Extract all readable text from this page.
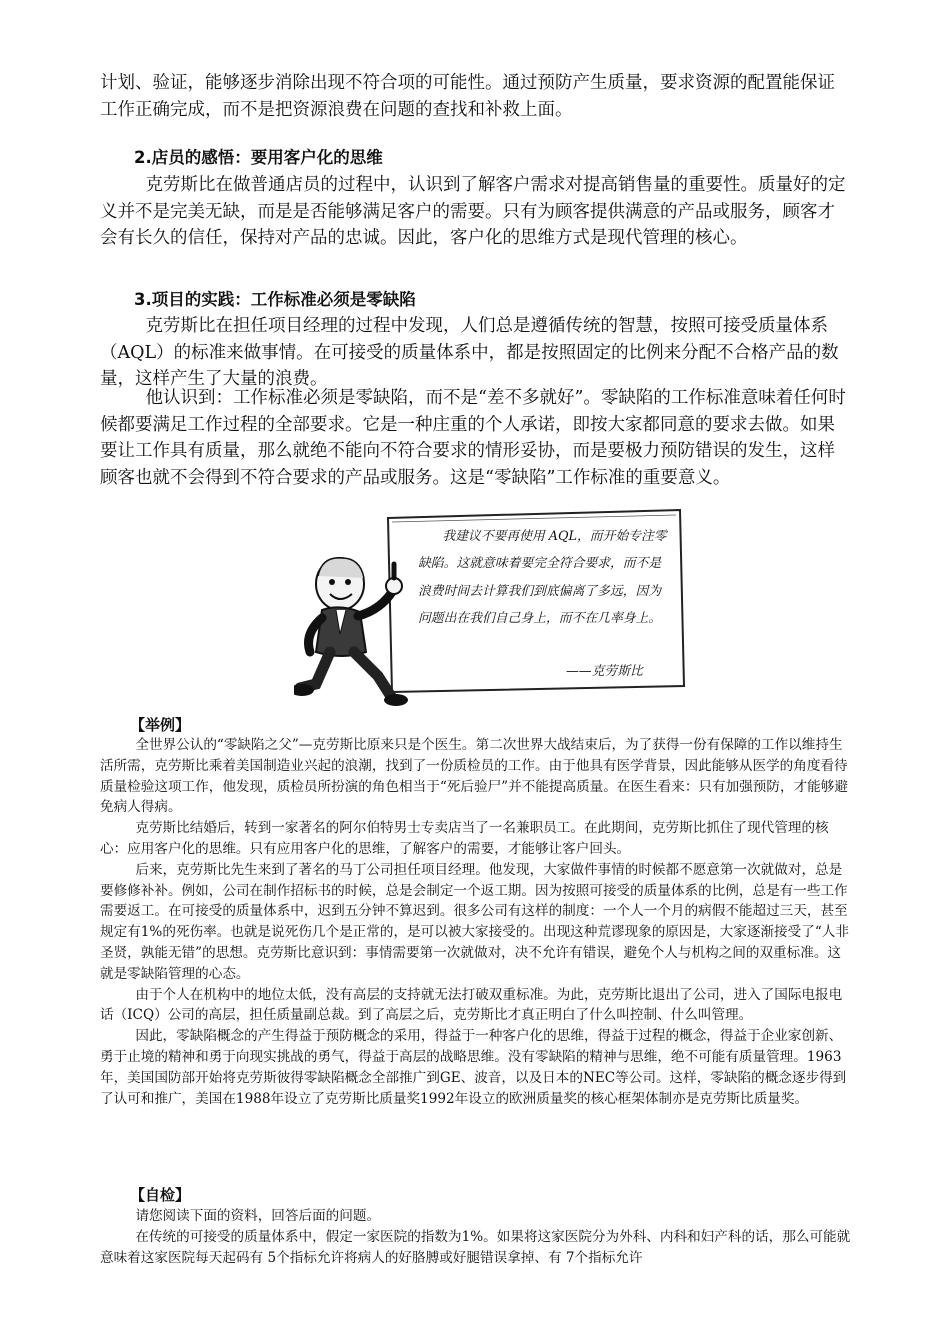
计划、验证，能够逐步消除出现不符合项的可能性。通过预防产生质量，要求资源的配置能保证工作正确完成，而不是把资源浪费在问题的查找和补救上面。

2.店员的感悟：要用客户化的思维

克劳斯比在做普通店员的过程中，认识到了解客户需求对提高销售量的重要性。质量好的定义并不是完美无缺，而是是否能够满足客户的需要。只有为顾客提供满意的产品或服务，顾客才会有长久的信任，保持对产品的忠诚。因此，客户化的思维方式是现代管理的核心。

3.项目的实践：工作标准必须是零缺陷

克劳斯比在担任项目经理的过程中发现，人们总是遵循传统的智慧，按照可接受质量体系（AQL）的标准来做事情。在可接受的质量体系中，都是按照固定的比例来分配不合格产品的数量，这样产生了大量的浪费。

他认识到：工作标准必须是零缺陷，而不是“差不多就好”。零缺陷的工作标准意味着任何时候都要满足工作过程的全部要求。它是一种庄重的个人承诺，即按大家都同意的要求去做。如果要让工作具有质量，那么就绝不能向不符合要求的情形妥协，而是要极力预防错误的发生，这样顾客也就不会得到不符合要求的产品或服务。这是“零缺陷”工作标准的重要意义。

我建议不要再使用 AQL，而开始专注零缺陷。这就意味着要完全符合要求，而不是浪费时间去计算我们到底偏离了多远，因为问题出在我们自己身上，而不在几率身上。

——克劳斯比

【举例】

全世界公认的“零缺陷之父”—克劳斯比原来只是个医生。第二次世界大战结束后，为了获得一份有保障的工作以维持生活所需，克劳斯比乘着美国制造业兴起的浪潮，找到了一份质检员的工作。由于他具有医学背景，因此能够从医学的角度看待质量检验这项工作，他发现，质检员所扮演的角色相当于“死后验尸”并不能提高质量。在医生看来：只有加强预防，才能够避免病人得病。

克劳斯比结婚后，转到一家著名的阿尔伯特男士专卖店当了一名兼职员工。在此期间，克劳斯比抓住了现代管理的核心：应用客户化的思维。只有应用客户化的思维，了解客户的需要，才能够让客户回头。

后来，克劳斯比先生来到了著名的马丁公司担任项目经理。他发现，大家做件事情的时候都不愿意第一次就做对，总是要修修补补。例如，公司在制作招标书的时候，总是会制定一个返工期。因为按照可接受的质量体系的比例，总是有一些工作需要返工。在可接受的质量体系中，迟到五分钟不算迟到。很多公司有这样的制度：一个人一个月的病假不能超过三天，甚至规定有1%的死伤率。也就是说死伤几个是正常的，是可以被大家接受的。出现这种荒谬现象的原因是，大家逐渐接受了“人非圣贤，孰能无错”的思想。克劳斯比意识到：事情需要第一次就做对，决不允许有错误，避免个人与机构之间的双重标准。这就是零缺陷管理的心态。

由于个人在机构中的地位太低，没有高层的支持就无法打破双重标准。为此，克劳斯比退出了公司，进入了国际电报电话（ICQ）公司的高层，担任质量副总裁。到了高层之后，克劳斯比才真正明白了什么叫控制、什么叫管理。

因此，零缺陷概念的产生得益于预防概念的采用，得益于一种客户化的思维，得益于过程的概念，得益于企业家创新、勇于止境的精神和勇于向现实挑战的勇气，得益于高层的战略思维。没有零缺陷的精神与思维，绝不可能有质量管理。1963年，美国国防部开始将克劳斯彼得零缺陷概念全部推广到GE、波音，以及日本的NEC等公司。这样，零缺陷的概念逐步得到了认可和推广，美国在1988年设立了克劳斯比质量奖1992年设立的欧洲质量奖的核心框架体制亦是克劳斯比质量奖。

【自检】

请您阅读下面的资料，回答后面的问题。

在传统的可接受的质量体系中，假定一家医院的指数为1%。如果将这家医院分为外科、内科和妇产科的话，那么可能就意味着这家医院每天起码有 5个指标允许将病人的好胳膊或好腿错误拿掉、有 7个指标允许
